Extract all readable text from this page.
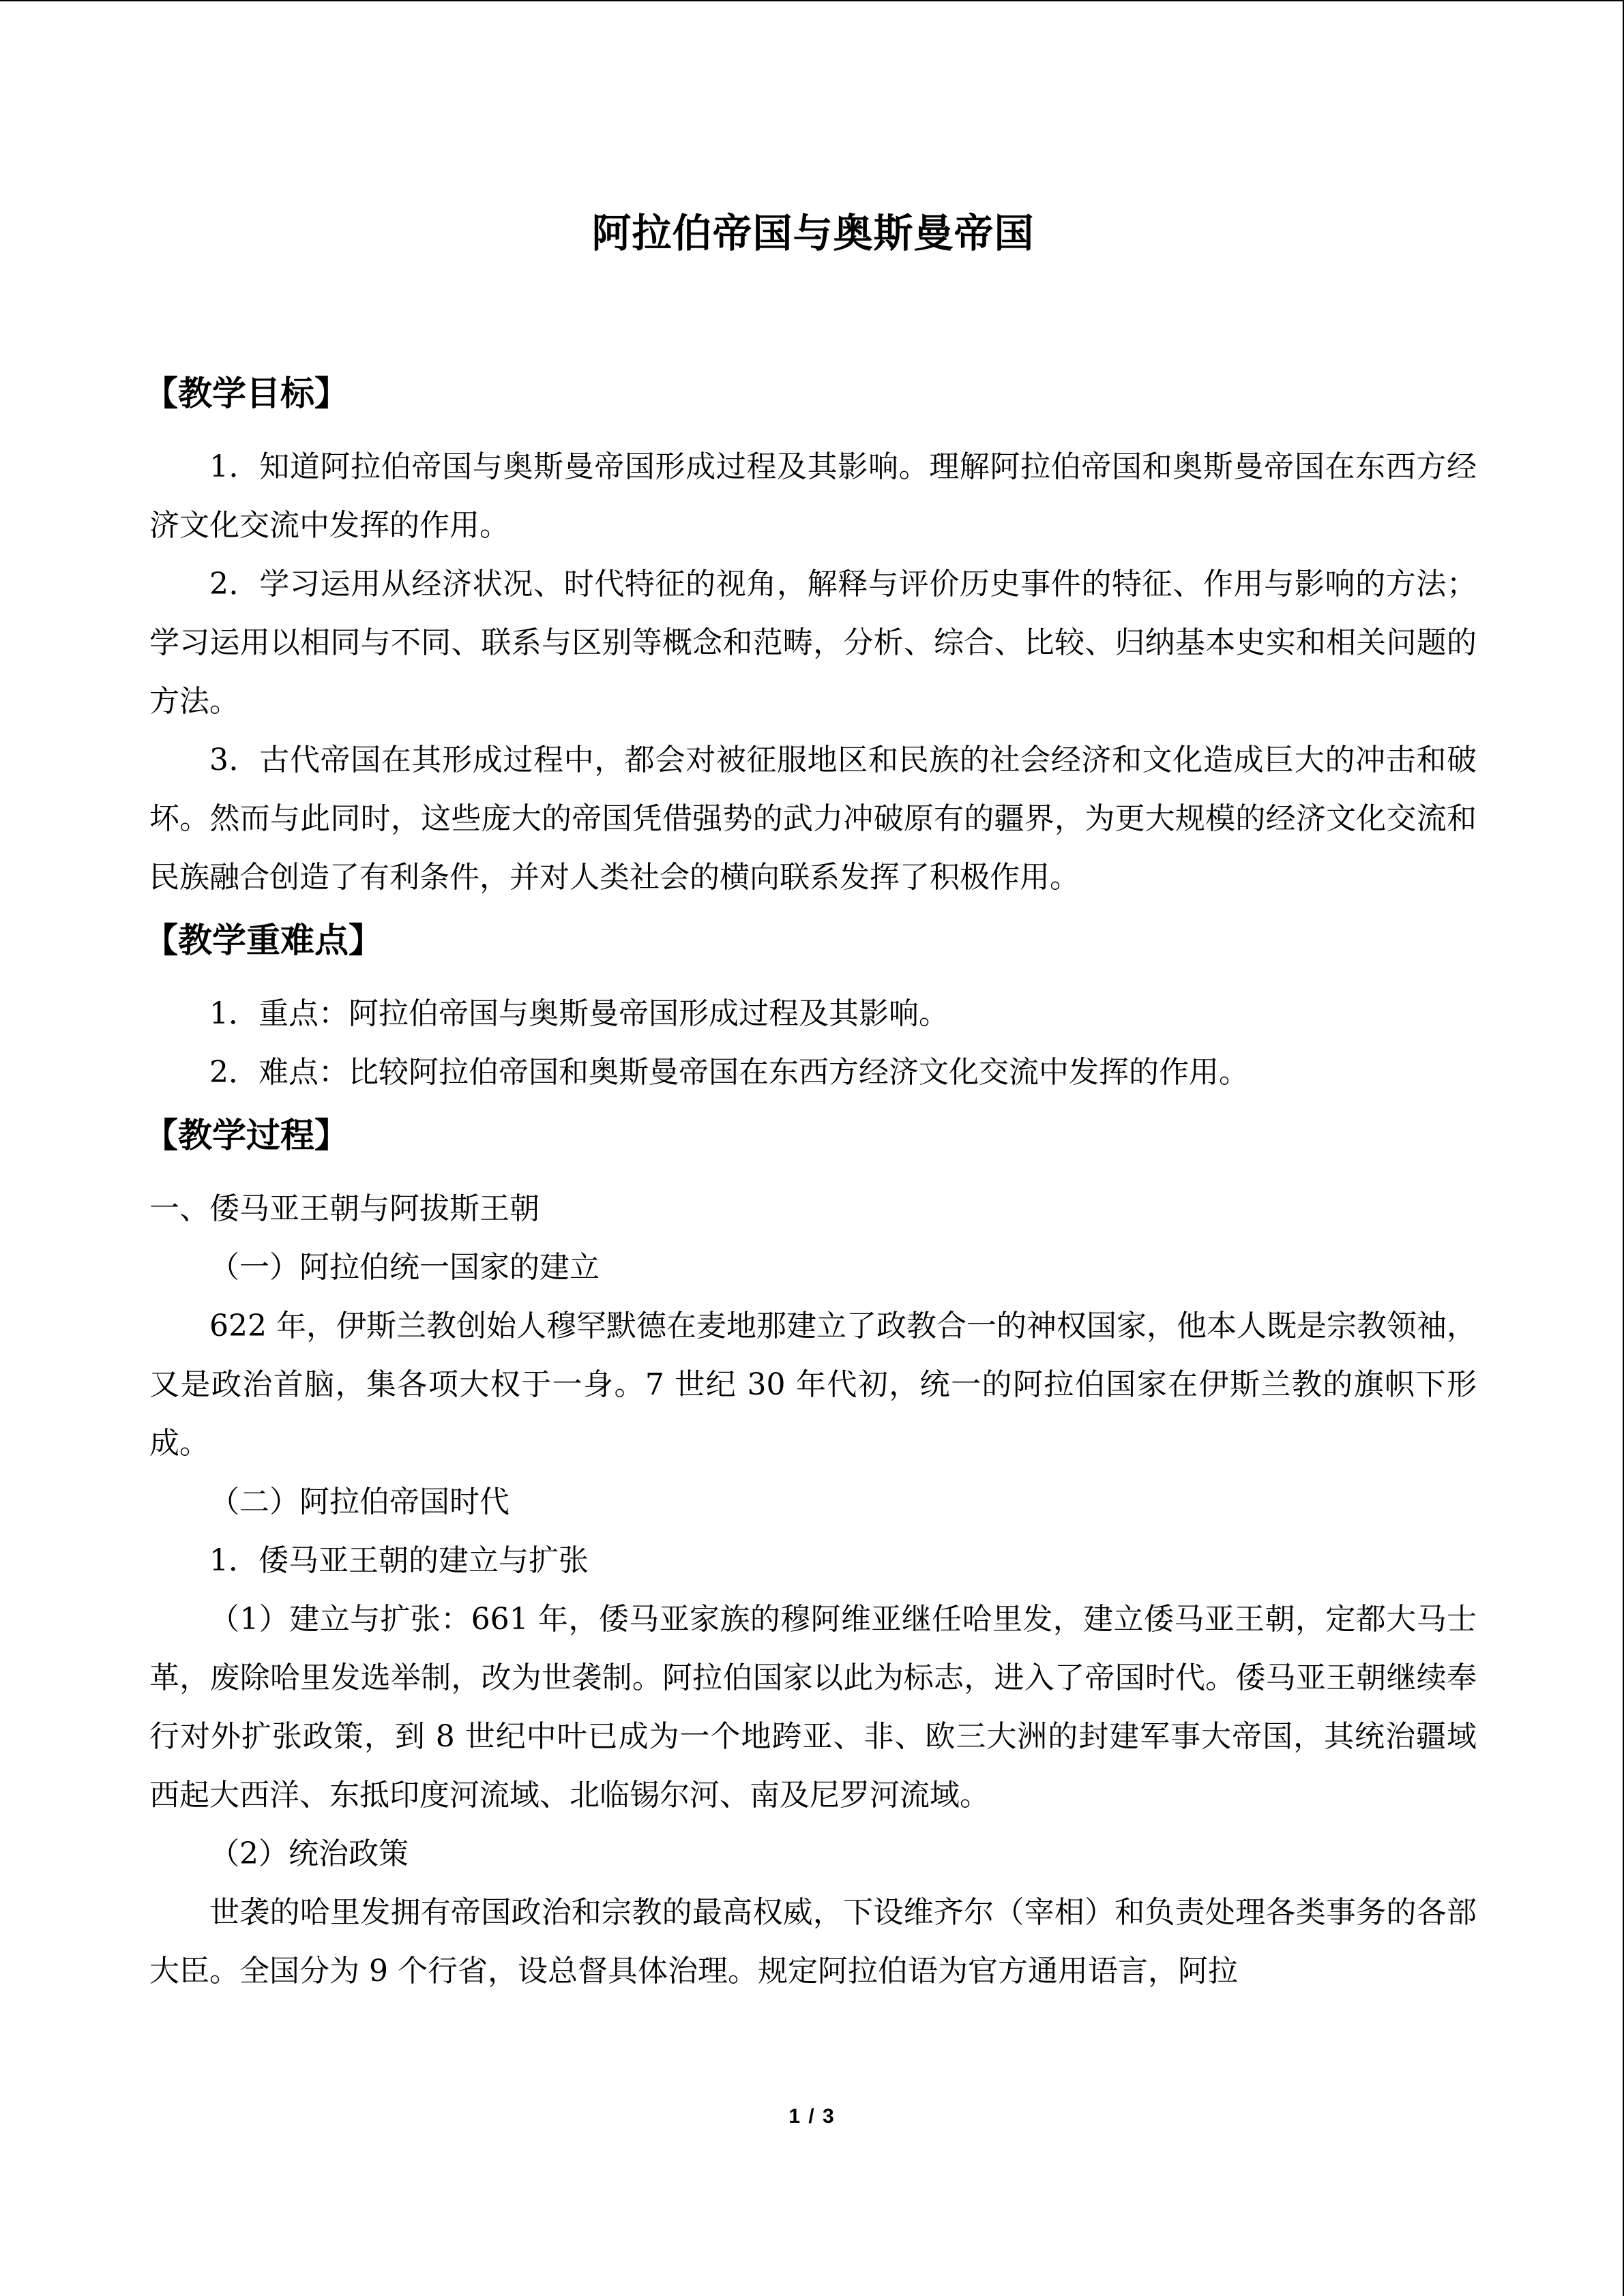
阿拉伯帝国与奥斯曼帝国
【教学目标】

1．知道阿拉伯帝国与奥斯曼帝国形成过程及其影响。理解阿拉伯帝国和奥斯曼帝国在东西方经济文化交流中发挥的作用。

2．学习运用从经济状况、时代特征的视角，解释与评价历史事件的特征、作用与影响的方法；学习运用以相同与不同、联系与区别等概念和范畴，分析、综合、比较、归纳基本史实和相关问题的方法。

3．古代帝国在其形成过程中，都会对被征服地区和民族的社会经济和文化造成巨大的冲击和破坏。然而与此同时，这些庞大的帝国凭借强势的武力冲破原有的疆界，为更大规模的经济文化交流和民族融合创造了有利条件，并对人类社会的横向联系发挥了积极作用。

【教学重难点】

1．重点：阿拉伯帝国与奥斯曼帝国形成过程及其影响。

2．难点：比较阿拉伯帝国和奥斯曼帝国在东西方经济文化交流中发挥的作用。

【教学过程】

一、倭马亚王朝与阿拔斯王朝

（一）阿拉伯统一国家的建立

622 年，伊斯兰教创始人穆罕默德在麦地那建立了政教合一的神权国家，他本人既是宗教领袖，又是政治首脑，集各项大权于一身。7 世纪 30 年代初，统一的阿拉伯国家在伊斯兰教的旗帜下形成。

（二）阿拉伯帝国时代

1．倭马亚王朝的建立与扩张

（1）建立与扩张：661 年，倭马亚家族的穆阿维亚继任哈里发，建立倭马亚王朝，定都大马士革，废除哈里发选举制，改为世袭制。阿拉伯国家以此为标志，进入了帝国时代。倭马亚王朝继续奉行对外扩张政策，到 8 世纪中叶已成为一个地跨亚、非、欧三大洲的封建军事大帝国，其统治疆域西起大西洋、东抵印度河流域、北临锡尔河、南及尼罗河流域。

（2）统治政策

世袭的哈里发拥有帝国政治和宗教的最高权威，下设维齐尔（宰相）和负责处理各类事务的各部大臣。全国分为 9 个行省，设总督具体治理。规定阿拉伯语为官方通用语言，阿拉

1 / 3
